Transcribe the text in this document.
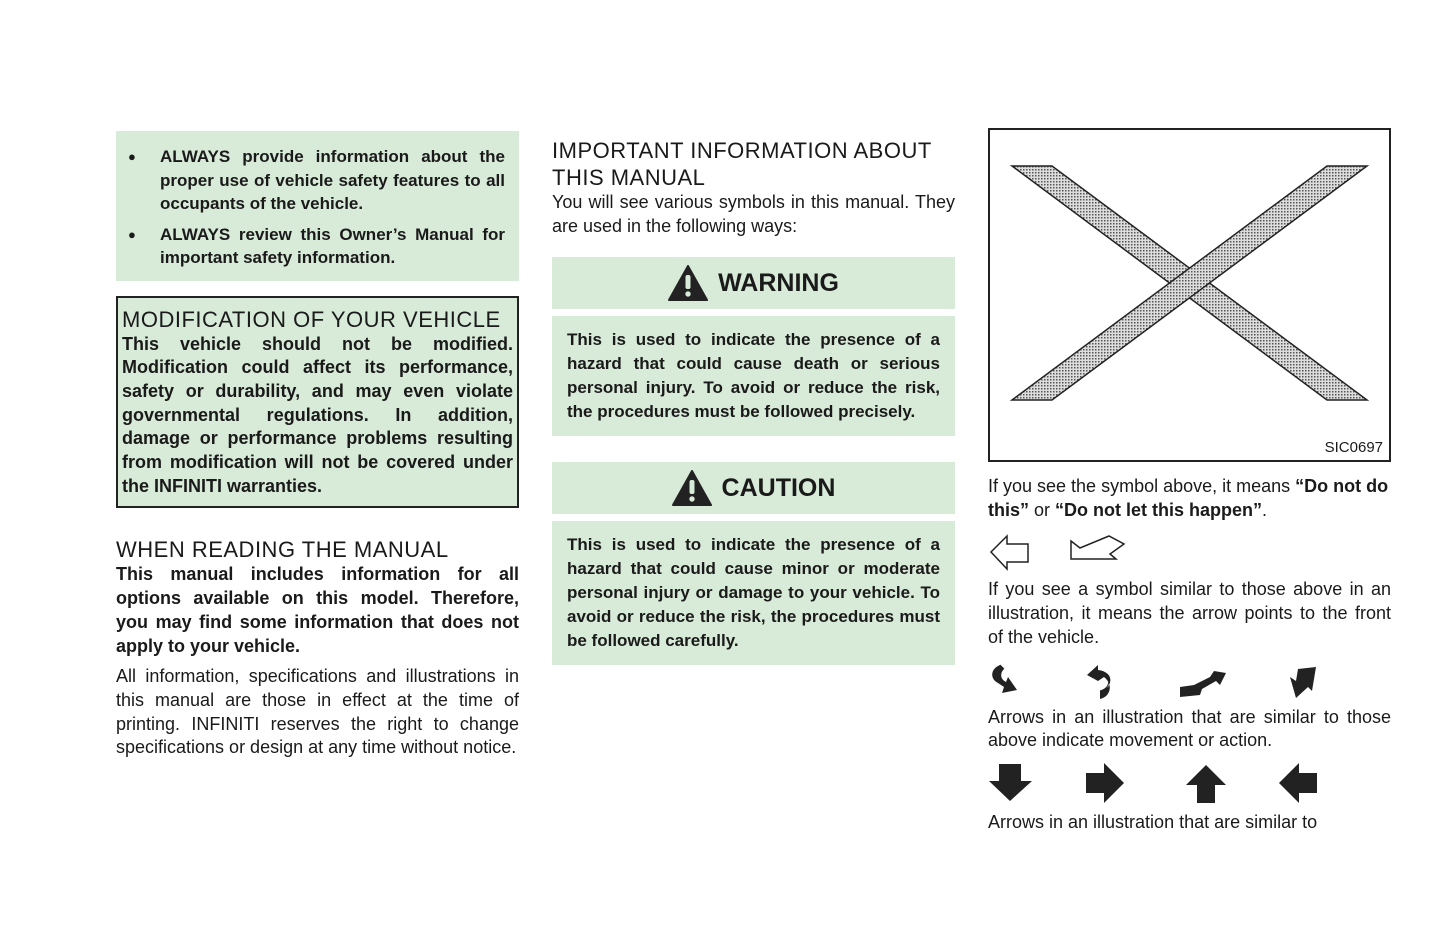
● ALWAYS provide information about the proper use of vehicle safety features to all occupants of the vehicle.
● ALWAYS review this Owner’s Manual for important safety information.
MODIFICATION OF YOUR VEHICLE

This vehicle should not be modified. Modification could affect its performance, safety or durability, and may even violate governmental regulations. In addition, damage or performance problems resulting from modification will not be covered under the INFINITI warranties.

WHEN READING THE MANUAL

This manual includes information for all options available on this model. Therefore, you may find some information that does not apply to your vehicle.

All information, specifications and illustrations in this manual are those in effect at the time of printing. INFINITI reserves the right to change specifications or design at any time without notice.

IMPORTANT INFORMATION ABOUT THIS MANUAL

You will see various symbols in this manual. They are used in the following ways:

WARNING
This is used to indicate the presence of a hazard that could cause death or serious personal injury. To avoid or reduce the risk, the procedures must be followed precisely.
CAUTION
This is used to indicate the presence of a hazard that could cause minor or moderate personal injury or damage to your vehicle. To avoid or reduce the risk, the procedures must be followed carefully.
SIC0697

If you see the symbol above, it means “Do not do this” or “Do not let this happen”.

If you see a symbol similar to those above in an illustration, it means the arrow points to the front of the vehicle.

Arrows in an illustration that are similar to those above indicate movement or action.

Arrows in an illustration that are similar to
